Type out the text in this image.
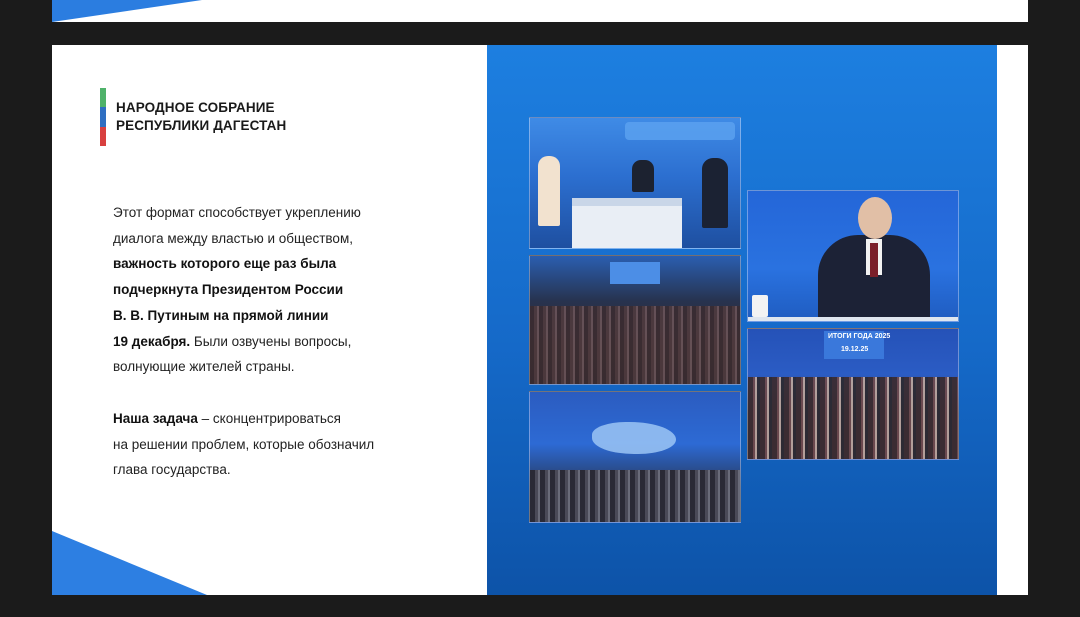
НАРОДНОЕ СОБРАНИЕ
РЕСПУБЛИКИ ДАГЕСТАН
Этот формат способствует укреплению
диалога между властью и обществом,
важность которого еще раз была
подчеркнута Президентом России
В. В. Путиным на прямой линии
19 декабря. Были озвучены вопросы,
волнующие жителей страны.
Наша задача – сконцентрироваться
на решении проблем, которые обозначил
глава государства.
ИТОГИ ГОДА 2025
19.12.25
